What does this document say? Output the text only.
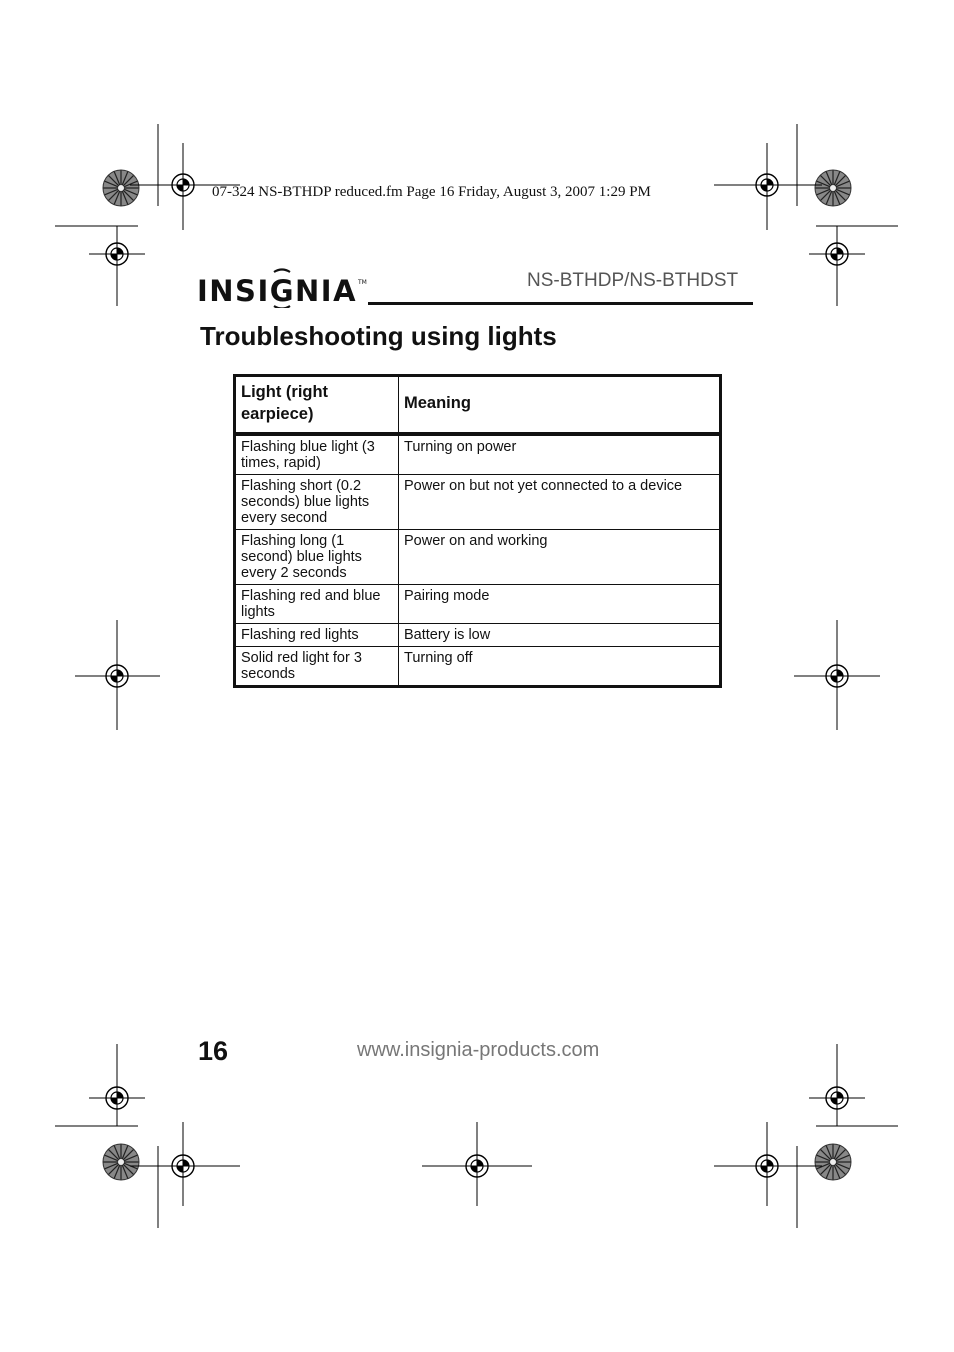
07-324 NS-BTHDP reduced.fm Page 16 Friday, August 3, 2007 1:29 PM
INSIGNIA TM	NS-BTHDP/NS-BTHDST
Troubleshooting using lights
Light (right earpiece)	Meaning
Flashing blue light (3 times, rapid)	Turning on power
Flashing short (0.2 seconds) blue lights every second	Power on but not yet connected to a device
Flashing long (1 second) blue lights every 2 seconds	Power on and working
Flashing red and blue lights	Pairing mode
Flashing red lights	Battery is low
Solid red light for 3 seconds	Turning off
16	www.insignia-products.com
